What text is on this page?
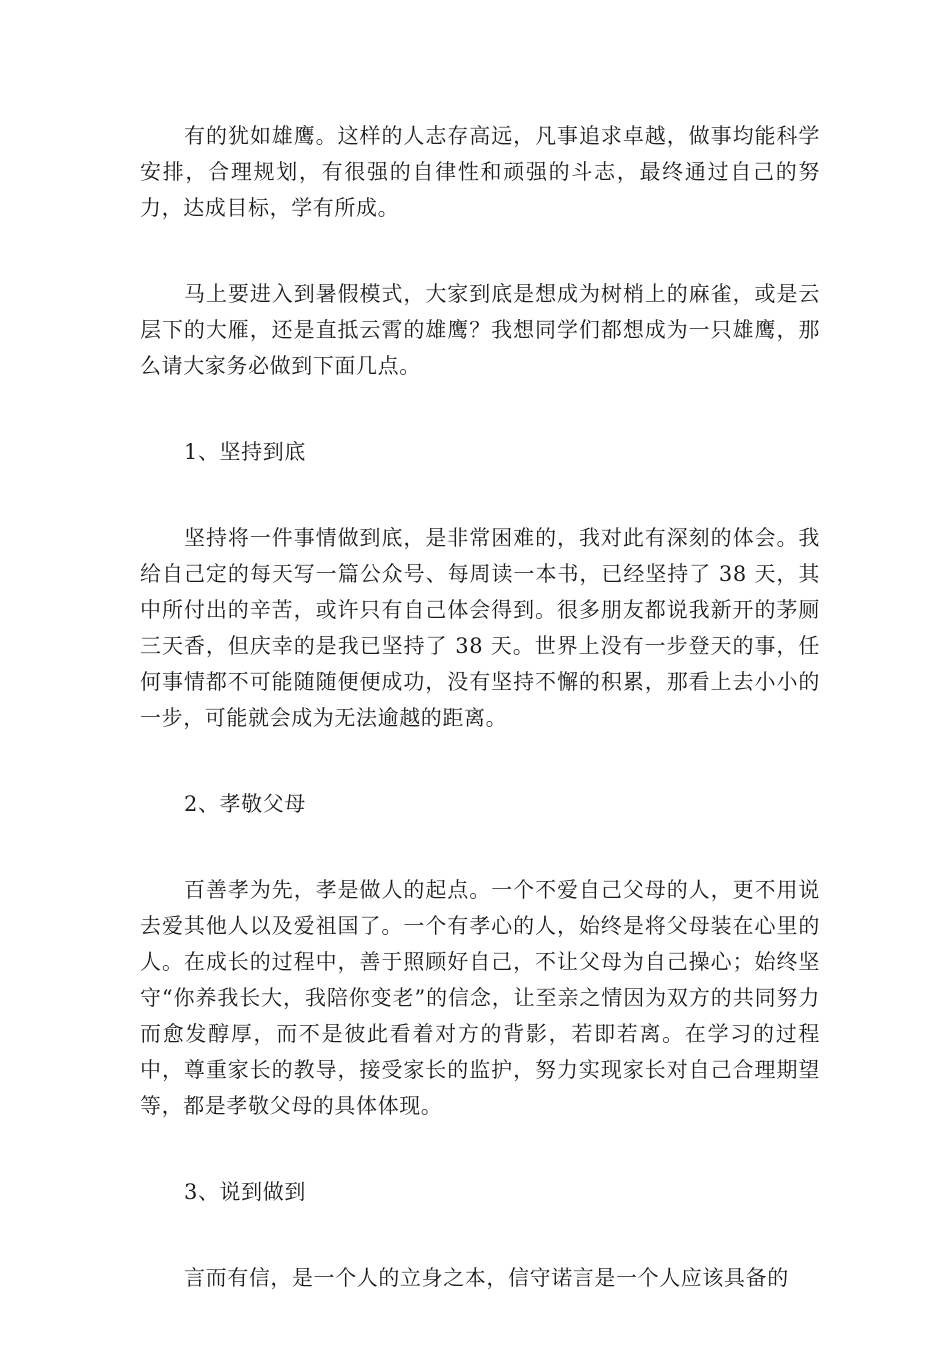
有的犹如雄鹰。这样的人志存高远，凡事追求卓越，做事均能科学安排，合理规划，有很强的自律性和顽强的斗志，最终通过自己的努力，达成目标，学有所成。

马上要进入到暑假模式，大家到底是想成为树梢上的麻雀，或是云层下的大雁，还是直抵云霄的雄鹰？我想同学们都想成为一只雄鹰，那么请大家务必做到下面几点。

1、坚持到底

坚持将一件事情做到底，是非常困难的，我对此有深刻的体会。我给自己定的每天写一篇公众号、每周读一本书，已经坚持了 38 天，其中所付出的辛苦，或许只有自己体会得到。很多朋友都说我新开的茅厕三天香，但庆幸的是我已坚持了 38 天。世界上没有一步登天的事，任何事情都不可能随随便便成功，没有坚持不懈的积累，那看上去小小的一步，可能就会成为无法逾越的距离。

2、孝敬父母

百善孝为先，孝是做人的起点。一个不爱自己父母的人，更不用说去爱其他人以及爱祖国了。一个有孝心的人，始终是将父母装在心里的人。在成长的过程中，善于照顾好自己，不让父母为自己操心；始终坚守“你养我长大，我陪你变老”的信念，让至亲之情因为双方的共同努力而愈发醇厚，而不是彼此看着对方的背影，若即若离。在学习的过程中，尊重家长的教导，接受家长的监护，努力实现家长对自己合理期望等，都是孝敬父母的具体体现。

3、说到做到

言而有信，是一个人的立身之本，信守诺言是一个人应该具备的
